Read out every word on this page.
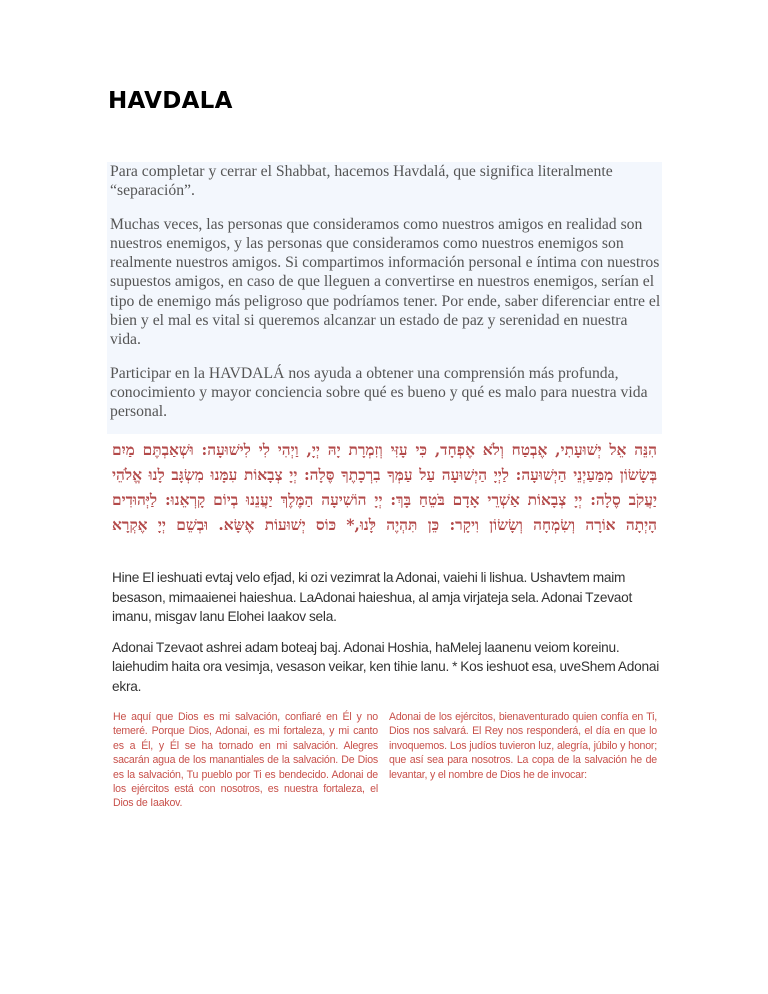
HAVDALA

Para completar y cerrar el Shabbat, hacemos Havdalá, que significa literalmente “separación”.

Muchas veces, las personas que consideramos como nuestros amigos en realidad son nuestros enemigos, y las personas que consideramos como nuestros enemigos son realmente nuestros amigos. Si compartimos información personal e íntima con nuestros supuestos amigos, en caso de que lleguen a convertirse en nuestros enemigos, serían el tipo de enemigo más peligroso que podríamos tener. Por ende, saber diferenciar entre el bien y el mal es vital si queremos alcanzar un estado de paz y serenidad en nuestra vida.

Participar en la HAVDALÁ nos ayuda a obtener una comprensión más profunda, conocimiento y mayor conciencia sobre qué es bueno y qué es malo para nuestra vida personal.

הִנֵּה אֵל יְשׁוּעָתִי, אֶבְטַח וְלֹא אֶפְחָד, כִּי עָזִּי וְזִמְרָת יָהּ יְיָ, וַיְהִי לִי לִישׁוּעָה: וּשְׁאַבְתֶּם מַיִם בְּשָׂשׂוֹן מִמַּעַיְנֵי הַיְשׁוּעָה: לַיְיָ הַיְשׁוּעָה עַל עַמְּךָ בִרְכָתֶךָ סֶּלָה: יְיָ צְבָאוֹת עִמָּנוּ מִשְׂגָּב לָנוּ אֱלֹהֵי יַעֲקֹב סֶלָה: יְיָ צְבָאוֹת אַשְׁרֵי אָדָם בֹּטֵחַ בָּךְ: יְיָ הוֹשִׁיעָה הַמֶּלֶךְ יַעֲנֵנוּ בְיוֹם קָרְאֵנוּ: לַיְּהוּדִים הָיְתָה אוֹרָה וְשִׂמְחָה וְשָׂשׂוֹן וִיקָר: כֵּן תִּהְיֶה לָּנוּ,* כּוֹס יְשׁוּעוֹת אֶשָּׂא. וּבְשֵׁם יְיָ אֶקְרָא

Hine El ieshuati evtaj velo efjad, ki ozi vezimrat la Adonai, vaiehi li lishua. Ushavtem maim besason, mimaaienei haieshua. LaAdonai haieshua, al amja virjateja sela. Adonai Tzevaot imanu, misgav lanu Elohei Iaakov sela.

Adonai Tzevaot ashrei adam boteaj baj. Adonai Hoshia, haMelej laanenu veiom koreinu. laiehudim haita ora vesimja, vesason veikar, ken tihie lanu. * Kos ieshuot esa, uveShem Adonai ekra.

He aquí que Dios es mi salvación, confiaré en Él y no temeré. Porque Dios, Adonai, es mi fortaleza, y mi canto es a Él, y Él se ha tornado en mi salvación. Alegres sacarán agua de los manantiales de la salvación. De Dios es la salvación, Tu pueblo por Ti es bendecido. Adonai de los ejércitos está con nosotros, es nuestra fortaleza, el Dios de Iaakov.

Adonai de los ejércitos, bienaventurado quien confía en Ti, Dios nos salvará. El Rey nos responderá, el día en que lo invoquemos. Los judíos tuvieron luz, alegría, júbilo y honor; que así sea para nosotros. La copa de la salvación he de levantar, y el nombre de Dios he de invocar:
